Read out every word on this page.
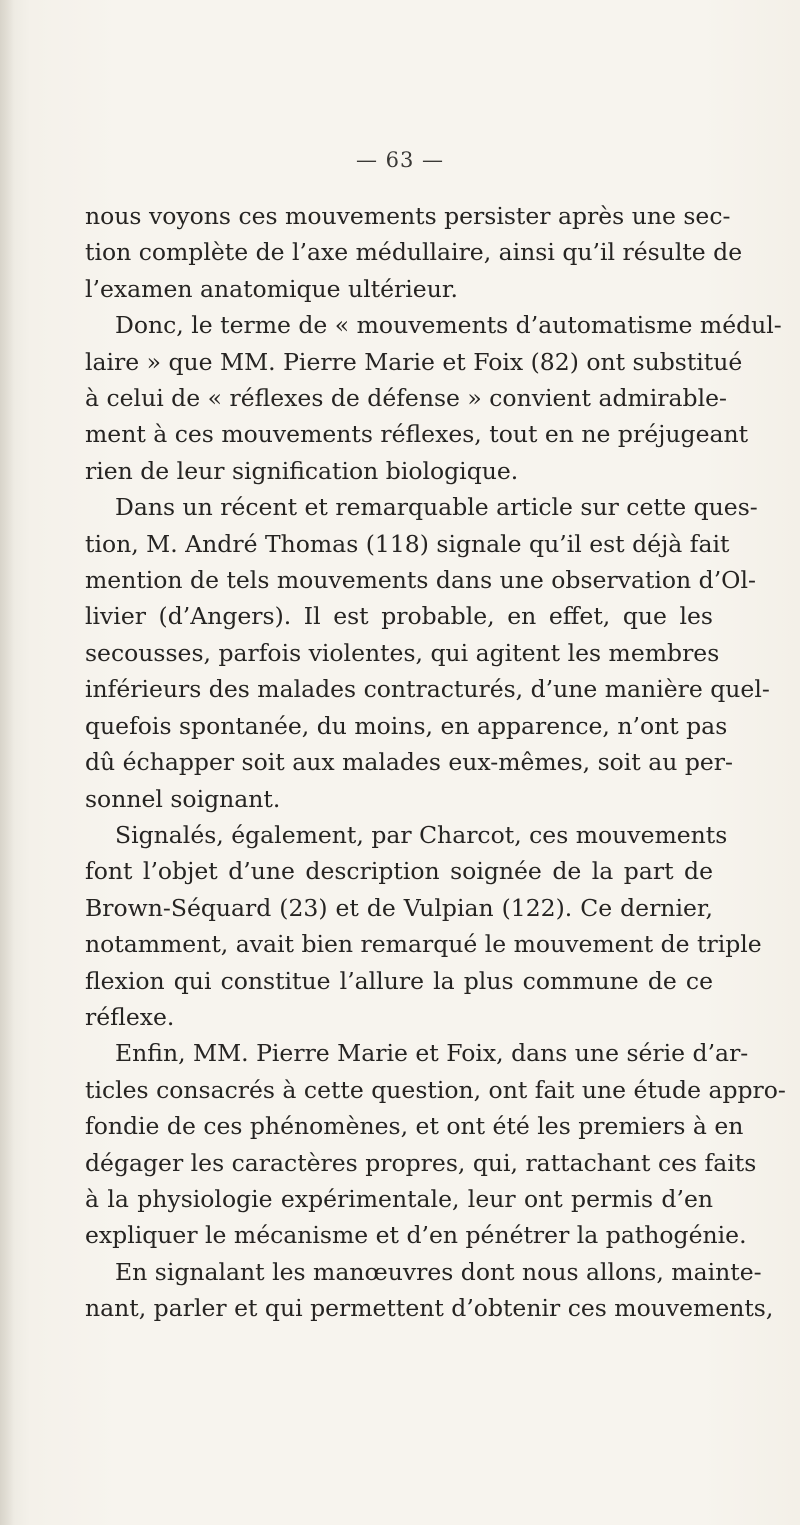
— 63 —
nous voyons ces mouvements persister après une sec-
tion complète de l’axe médullaire, ainsi qu’il résulte de
l’examen anatomique ultérieur.
Donc, le terme de « mouvements d’automatisme médul-
laire » que MM. Pierre Marie et Foix (82) ont substitué
à celui de « réflexes de défense » convient admirable-
ment à ces mouvements réflexes, tout en ne préjugeant
rien de leur signification biologique.
Dans un récent et remarquable article sur cette ques-
tion, M. André Thomas (118) signale qu’il est déjà fait
mention de tels mouvements dans une observation d’Ol-
livier (d’Angers). Il est probable, en effet, que les
secousses, parfois violentes, qui agitent les membres
inférieurs des malades contracturés, d’une manière quel-
quefois spontanée, du moins, en apparence, n’ont pas
dû échapper soit aux malades eux-mêmes, soit au per-
sonnel soignant.
Signalés, également, par Charcot, ces mouvements
font l’objet d’une description soignée de la part de
Brown-Séquard (23) et de Vulpian (122). Ce dernier,
notamment, avait bien remarqué le mouvement de triple
flexion qui constitue l’allure la plus commune de ce
réflexe.
Enfin, MM. Pierre Marie et Foix, dans une série d’ar-
ticles consacrés à cette question, ont fait une étude appro-
fondie de ces phénomènes, et ont été les premiers à en
dégager les caractères propres, qui, rattachant ces faits
à la physiologie expérimentale, leur ont permis d’en
expliquer le mécanisme et d’en pénétrer la pathogénie.
En signalant les manœuvres dont nous allons, mainte-
nant, parler et qui permettent d’obtenir ces mouvements,
